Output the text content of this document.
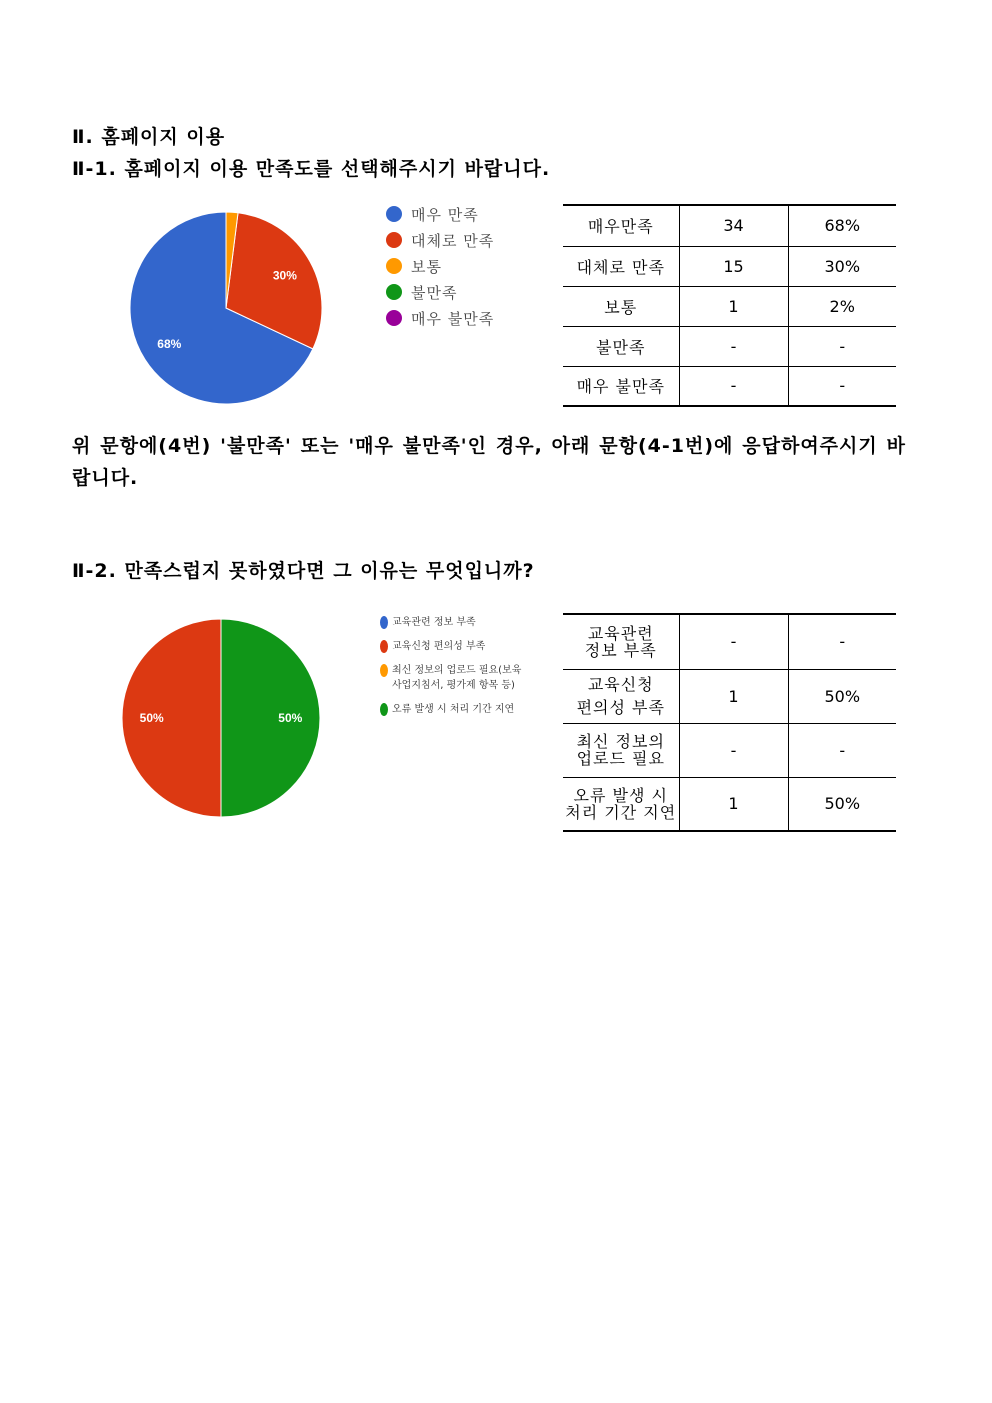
Ⅱ. 홈페이지 이용
Ⅱ-1. 홈페이지 이용 만족도를 선택해주시기 바랍니다.
68%
30%
매우 만족
대체로 만족
보통
불만족
매우 불만족
매우만족	34	68%
대체로 만족	15	30%
보통	1	2%
불만족	-	-
매우 불만족	-	-
위 문항에(4번) '불만족' 또는 '매우 불만족'인 경우, 아래 문항(4-1번)에 응답하여주시기 바랍니다.
Ⅱ-2. 만족스럽지 못하였다면 그 이유는 무엇입니까?
50%	50%
교육관련 정보 부족
교육신청 편의성 부족
최신 정보의 업로드 필요(보육사업지침서, 평가제 항목 등)
오류 발생 시 처리 기간 지연
교육관련
정보 부족	-	-

교육신청
편의성 부족	1	50%

최신 정보의
업로드 필요	-	-

오류 발생 시
처리 기간 지연	1	50%
